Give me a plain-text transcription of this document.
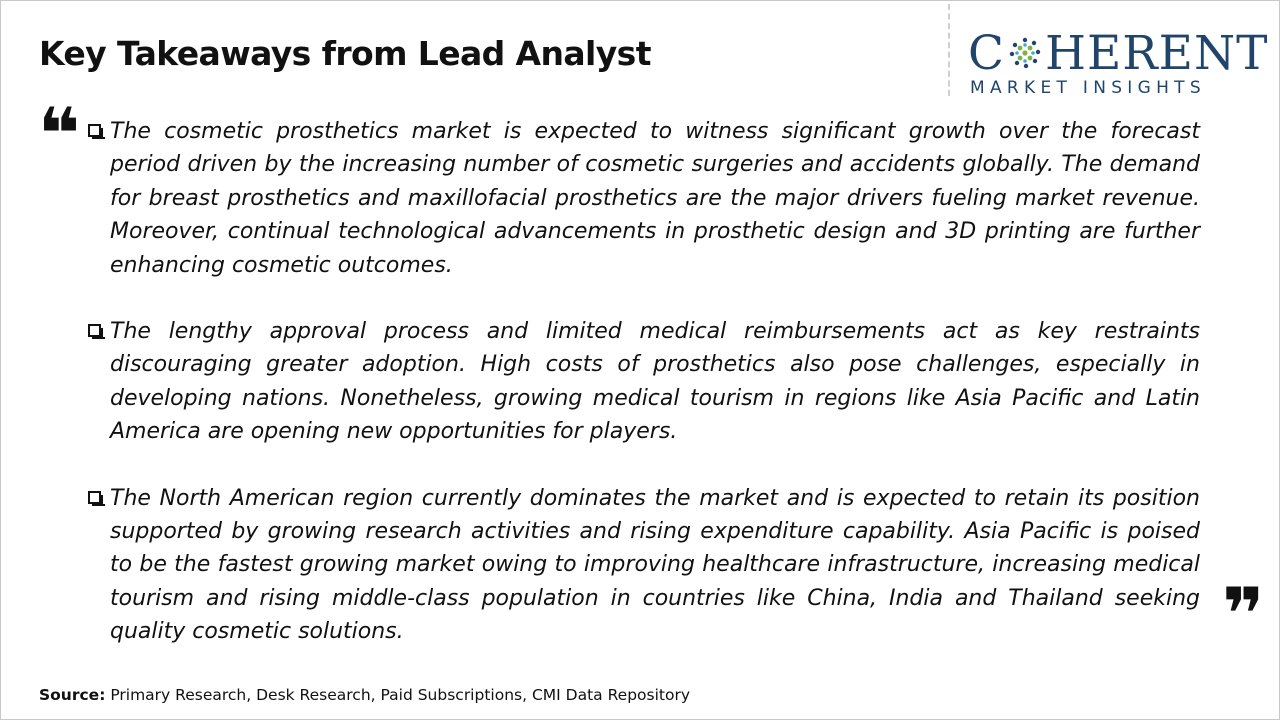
Key Takeaways from Lead Analyst	C HERENT
MARKET INSIGHTS
❝	The cosmetic prosthetics market is expected to witness significant growth over the forecast period driven by the increasing number of cosmetic surgeries and accidents globally. The demand for breast prosthetics and maxillofacial prosthetics are the major drivers fueling market revenue. Moreover, continual technological advancements in prosthetic design and 3D printing are further enhancing cosmetic outcomes.
The lengthy approval process and limited medical reimbursements act as key restraints discouraging greater adoption. High costs of prosthetics also pose challenges, especially in developing nations. Nonetheless, growing medical tourism in regions like Asia Pacific and Latin America are opening new opportunities for players.
The North American region currently dominates the market and is expected to retain its position supported by growing research activities and rising expenditure capability. Asia Pacific is poised to be the fastest growing market owing to improving healthcare infrastructure, increasing medical tourism and rising middle-class population in countries like China, India and Thailand seeking quality cosmetic solutions.	❞
Source: Primary Research, Desk Research, Paid Subscriptions, CMI Data Repository
